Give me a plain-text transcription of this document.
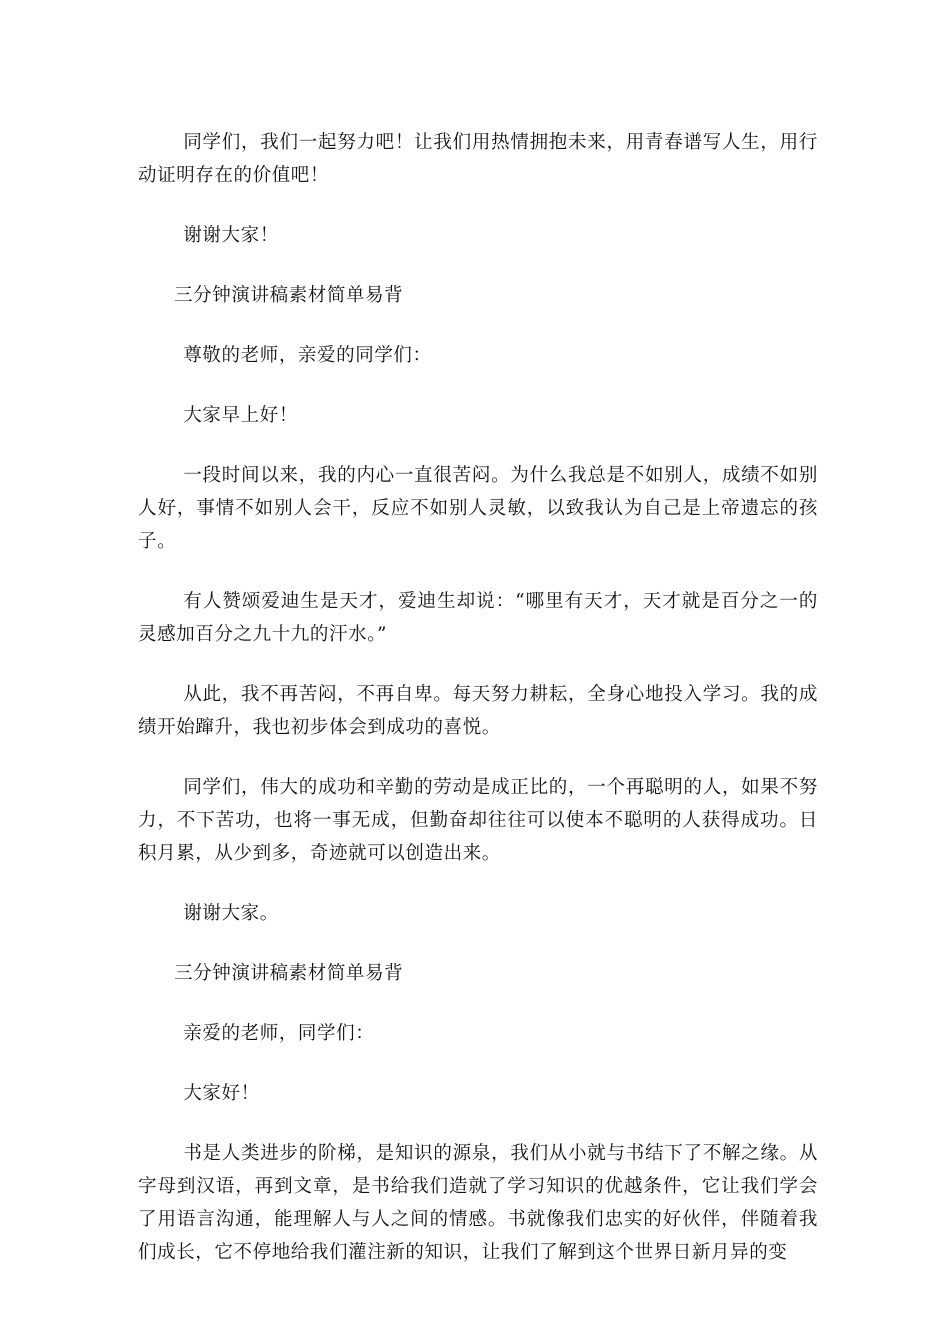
同学们，我们一起努力吧！让我们用热情拥抱未来，用青春谱写人生，用行动证明存在的价值吧！

谢谢大家！

三分钟演讲稿素材简单易背

尊敬的老师，亲爱的同学们：

大家早上好！

一段时间以来，我的内心一直很苦闷。为什么我总是不如别人，成绩不如别人好，事情不如别人会干，反应不如别人灵敏，以致我认为自己是上帝遗忘的孩子。

有人赞颂爱迪生是天才，爱迪生却说：“哪里有天才，天才就是百分之一的灵感加百分之九十九的汗水。”

从此，我不再苦闷，不再自卑。每天努力耕耘，全身心地投入学习。我的成绩开始蹿升，我也初步体会到成功的喜悦。

同学们，伟大的成功和辛勤的劳动是成正比的，一个再聪明的人，如果不努力，不下苦功，也将一事无成，但勤奋却往往可以使本不聪明的人获得成功。日积月累，从少到多，奇迹就可以创造出来。

谢谢大家。

三分钟演讲稿素材简单易背

亲爱的老师，同学们：

大家好！

书是人类进步的阶梯，是知识的源泉，我们从小就与书结下了不解之缘。从字母到汉语，再到文章，是书给我们造就了学习知识的优越条件，它让我们学会了用语言沟通，能理解人与人之间的情感。书就像我们忠实的好伙伴，伴随着我们成长，它不停地给我们灌注新的知识，让我们了解到这个世界日新月异的变
